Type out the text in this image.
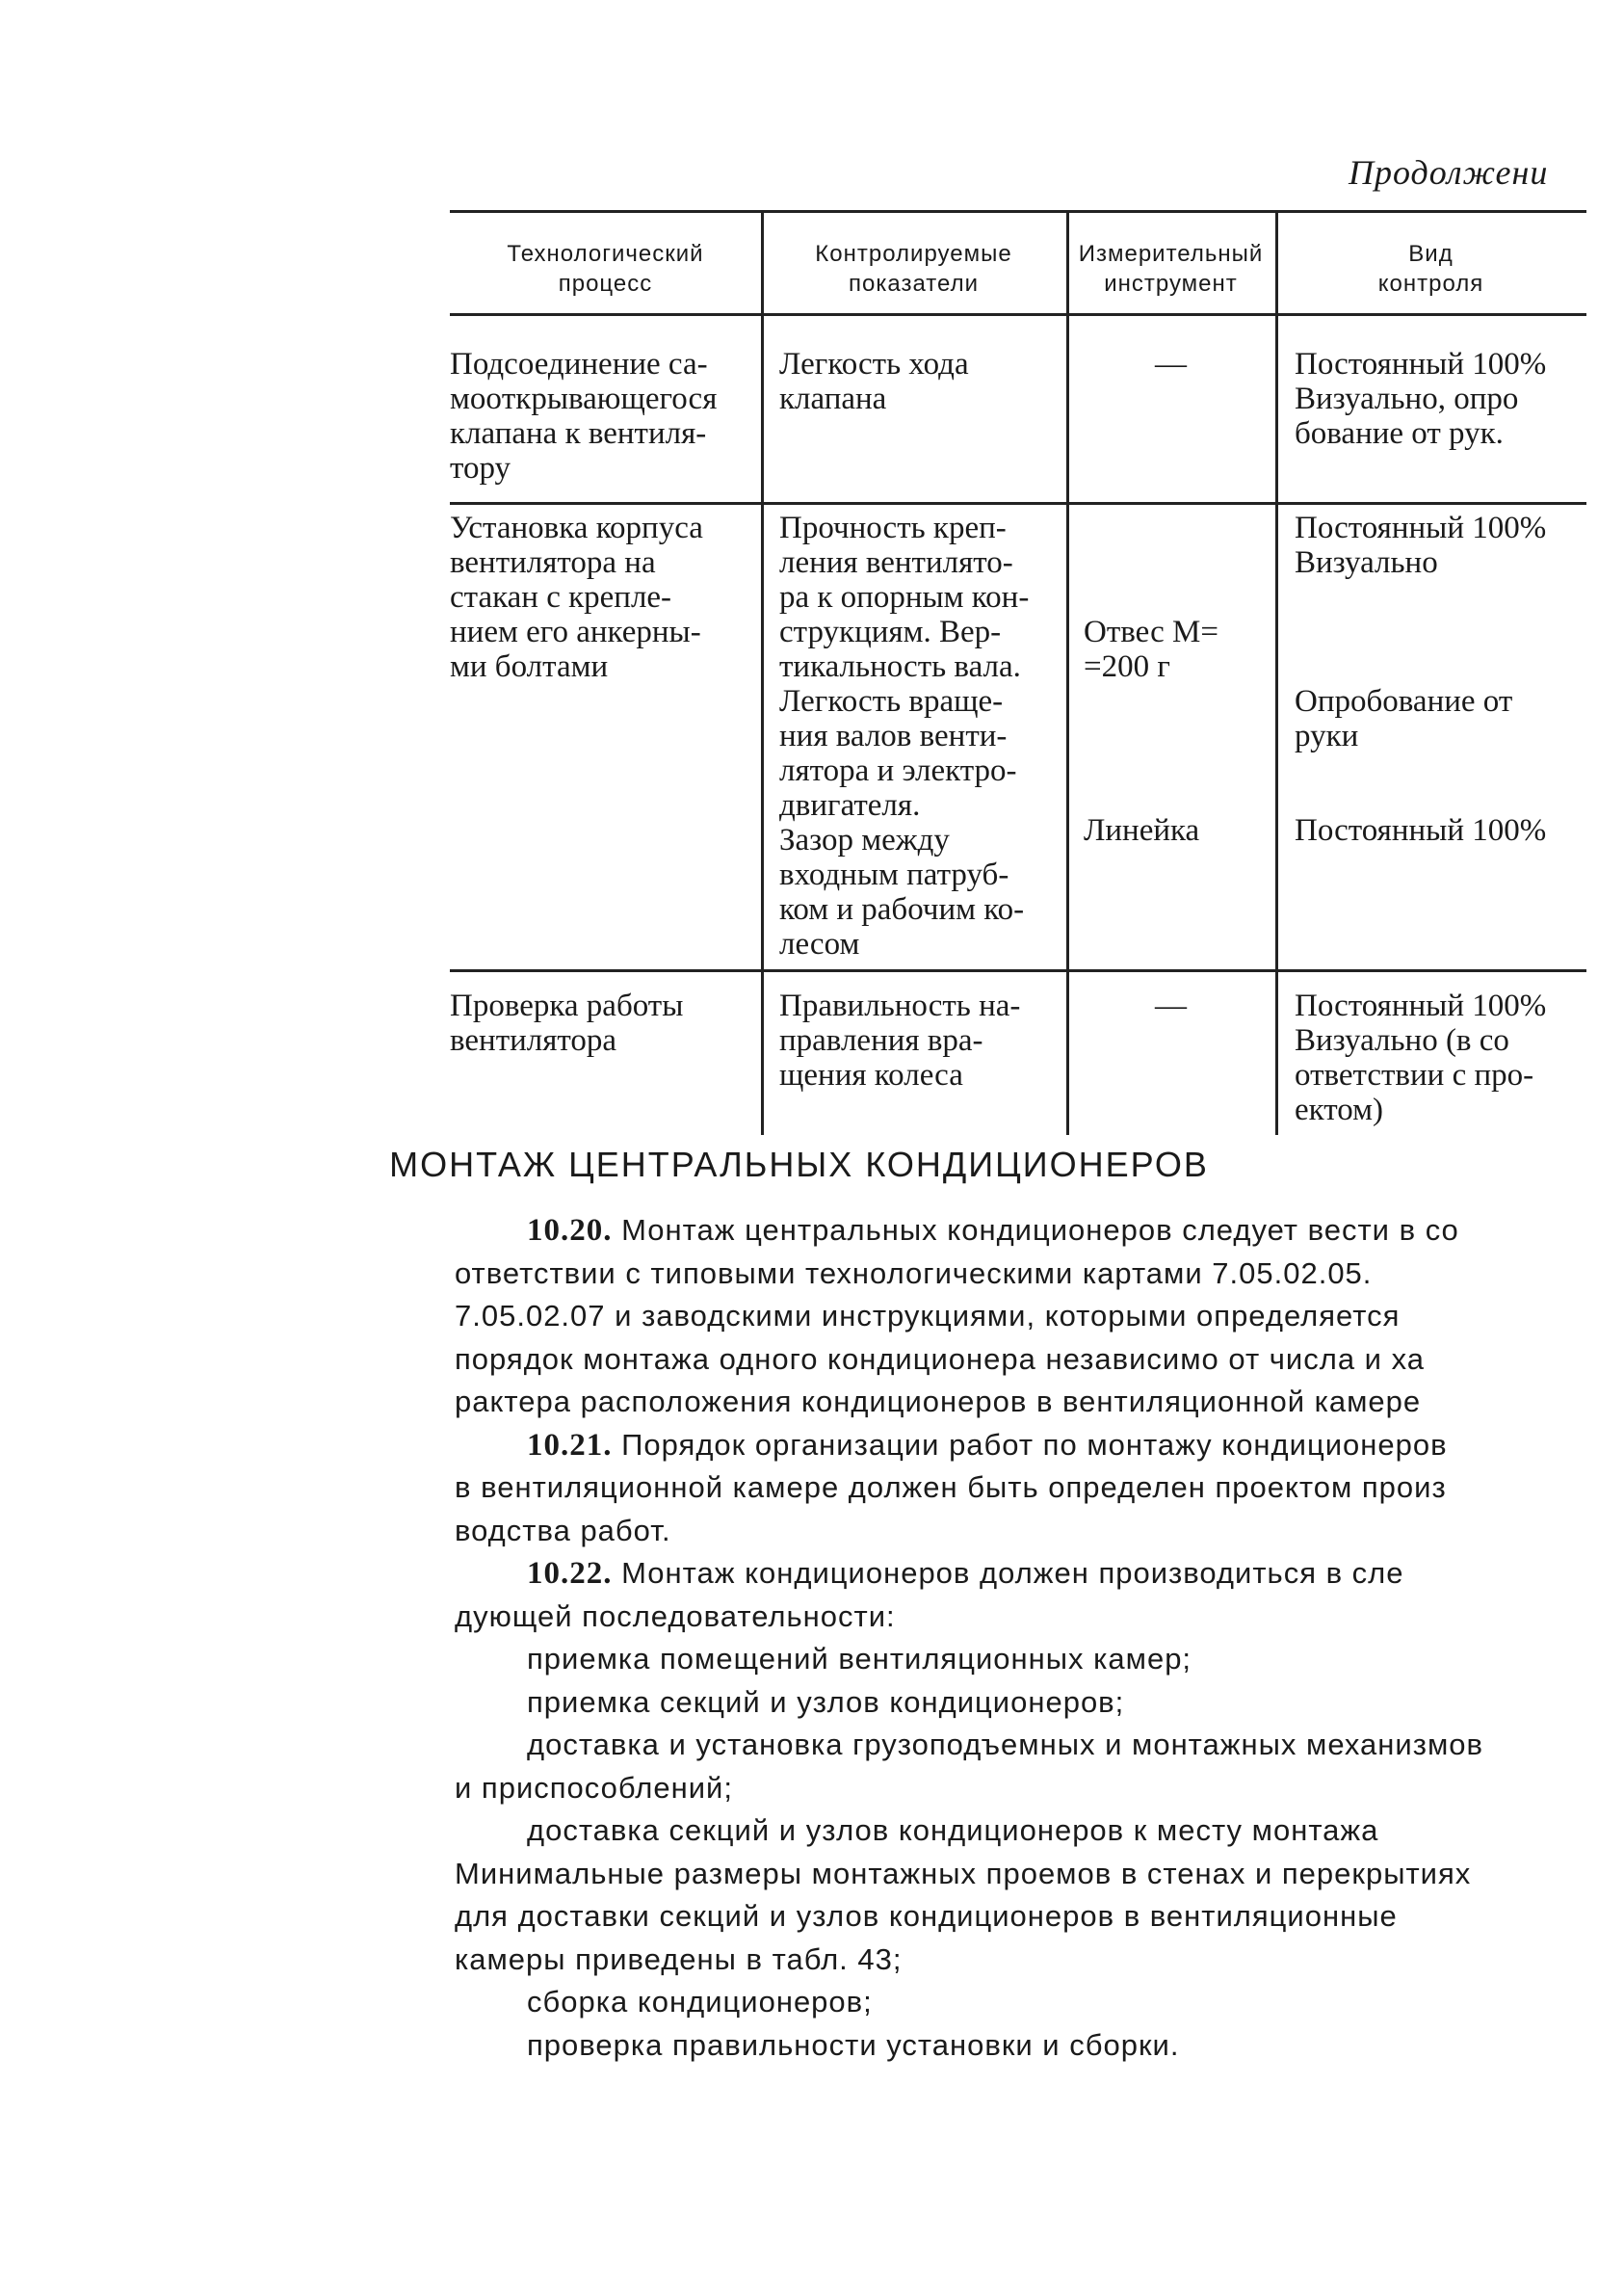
Продолжени
Технологический
процесс
Контролируемые
показатели
Измерительный
инструмент
Вид
контроля
Подсоединение са-
моoткрывающегося
клапана к вентиля-
тору
Легкость хода
клапана
—	Постоянный 100%
Визуально, опро
бование от рук.
Установка корпуса
вентилятора на
стакан с крепле-
нием его анкерны-
ми болтами
Прочность креп-
ления вентилято-
ра к опорным кон-
струкциям. Вер-
тикальность вала.
Легкость враще-
ния валов венти-
лятора и электро-
двигателя.
Зазор между
входным патруб-
ком и рабочим ко-
лесом
Отвес М=
=200 г
Линейка
Постоянный 100%
Визуально
Опробование от
руки
Постоянный 100%
Проверка работы
вентилятора
Правильность на-
правления вра-
щения колеса
—	Постоянный 100%
Визуально (в со
ответствии с про-
ектом)
МОНТАЖ ЦЕНТРАЛЬНЫХ КОНДИЦИОНЕРОВ
10.20. Монтаж центральных кондиционеров следует вести в со
ответствии с типовыми технологическими картами 7.05.02.05.
7.05.02.07 и заводскими инструкциями, которыми определяется
порядок монтажа одного кондиционера независимо от числа и ха
рактера расположения кондиционеров в вентиляционной камере
10.21. Порядок организации работ по монтажу кондиционеров
в вентиляционной камере должен быть определен проектом произ
водства работ.
10.22. Монтаж кондиционеров должен производиться в сле
дующей последовательности:
приемка помещений вентиляционных камер;
приемка секций и узлов кондиционеров;
доставка и установка грузоподъемных и монтажных механизмов
и приспособлений;
доставка секций и узлов кондиционеров к месту монтажа
Минимальные размеры монтажных проемов в стенах и перекрытиях
для доставки секций и узлов кондиционеров в вентиляционные
камеры приведены в табл. 43;
сборка кондиционеров;
проверка правильности установки и сборки.
